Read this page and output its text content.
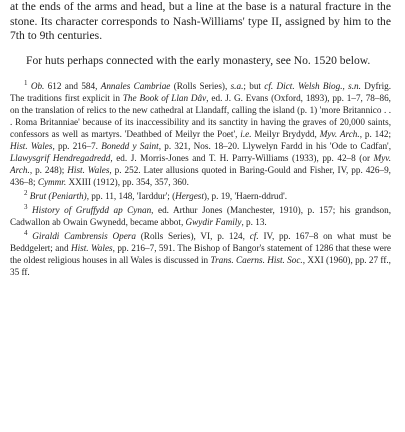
at the ends of the arms and head, but a line at the base is a natural fracture in the stone. Its character corresponds to Nash-Williams' type II, assigned by him to the 7th to 9th centuries.

For huts perhaps connected with the early monastery, see No. 1520 below.

$^1$ Ob. 612 and 584, Annales Cambriae (Rolls Series), s.a.; but cf. Dict. Welsh Biog., s.n. Dyfrig. The traditions first explicit in The Book of Llan Dâv, ed. J. G. Evans (Oxford, 1893), pp. 1–7, 78–86, on the translation of relics to the new cathedral at Llandaff, calling the island (p. 1) 'more Britannico . . . Roma Britanniae' because of its inaccessibility and its sanctity in having the graves of 20,000 saints, confessors as well as martyrs. 'Deathbed of Meilyr the Poet', i.e. Meilyr Brydydd, Myv. Arch., p. 142; Hist. Wales, pp. 216–7. Bonedd y Saint, p. 321, Nos. 18–20. Llywelyn Fardd in his 'Ode to Cadfan', Llawysgrif Hendregadredd, ed. J. Morris-Jones and T. H. Parry-Williams (1933), pp. 42–8 (or Myv. Arch., p. 248); Hist. Wales, p. 252. Later allusions quoted in Baring-Gould and Fisher, IV, pp. 426–9, 436–8; Cymmr. XXIII (1912), pp. 354, 357, 360.

$^2$ Brut (Peniarth), pp. 11, 148, 'Iarddur'; (Hergest), p. 19, 'Haern-ddrud'.

$^3$ History of Gruffydd ap Cynan, ed. Arthur Jones (Manchester, 1910), p. 157; his grandson, Cadwallon ab Owain Gwynedd, became abbot, Gwydir Family, p. 13.

$^4$ Giraldi Cambrensis Opera (Rolls Series), VI, p. 124, cf. IV, pp. 167–8 on what must be Beddgelert; and Hist. Wales, pp. 216–7, 591. The Bishop of Bangor's statement of 1286 that these were the oldest religious houses in all Wales is discussed in Trans. Caerns. Hist. Soc., XXI (1960), pp. 27 ff., 35 ff.
